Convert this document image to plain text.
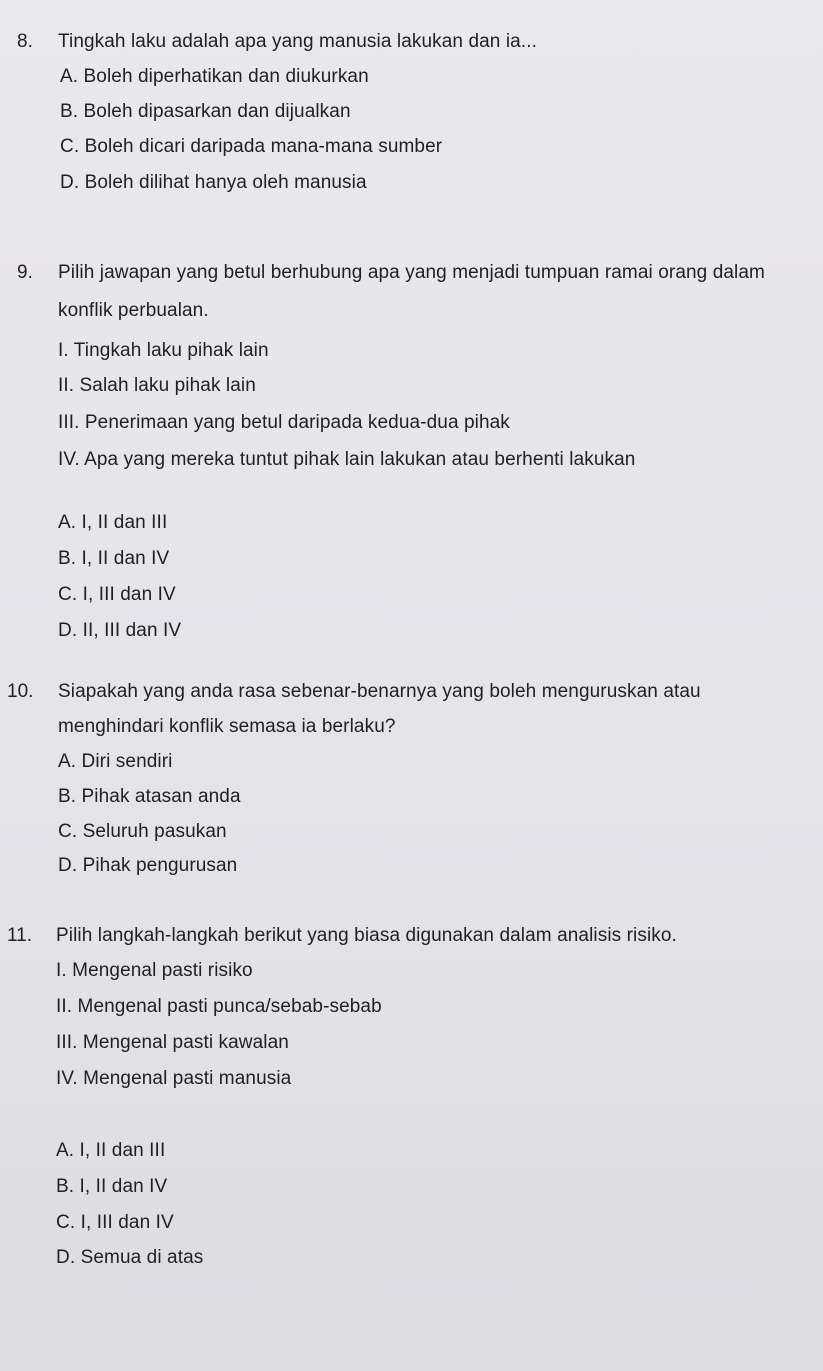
8. Tingkah laku adalah apa yang manusia lakukan dan ia...
A. Boleh diperhatikan dan diukurkan
B. Boleh dipasarkan dan dijualkan
C. Boleh dicari daripada mana-mana sumber
D. Boleh dilihat hanya oleh manusia
9. Pilih jawapan yang betul berhubung apa yang menjadi tumpuan ramai orang dalam
konflik perbualan.
I. Tingkah laku pihak lain
II. Salah laku pihak lain
III. Penerimaan yang betul daripada kedua-dua pihak
IV. Apa yang mereka tuntut pihak lain lakukan atau berhenti lakukan
A. I, II dan III
B. I, II dan IV
C. I, III dan IV
D. II, III dan IV
10. Siapakah yang anda rasa sebenar-benarnya yang boleh menguruskan atau
menghindari konflik semasa ia berlaku?
A. Diri sendiri
B. Pihak atasan anda
C. Seluruh pasukan
D. Pihak pengurusan
11. Pilih langkah-langkah berikut yang biasa digunakan dalam analisis risiko.
I. Mengenal pasti risiko
II. Mengenal pasti punca/sebab-sebab
III. Mengenal pasti kawalan
IV. Mengenal pasti manusia
A. I, II dan III
B. I, II dan IV
C. I, III dan IV
D. Semua di atas
